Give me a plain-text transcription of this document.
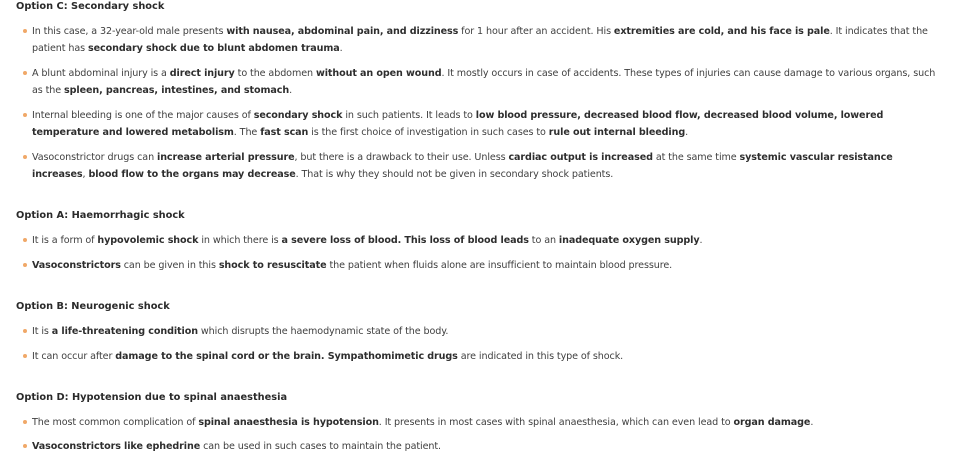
Option C: Secondary shock
In this case, a 32-year-old male presents with nausea, abdominal pain, and dizziness for 1 hour after an accident. His extremities are cold, and his face is pale. It indicates that the patient has secondary shock due to blunt abdomen trauma.
A blunt abdominal injury is a direct injury to the abdomen without an open wound. It mostly occurs in case of accidents. These types of injuries can cause damage to various organs, such as the spleen, pancreas, intestines, and stomach.
Internal bleeding is one of the major causes of secondary shock in such patients. It leads to low blood pressure, decreased blood flow, decreased blood volume, lowered temperature and lowered metabolism. The fast scan is the first choice of investigation in such cases to rule out internal bleeding.
Vasoconstrictor drugs can increase arterial pressure, but there is a drawback to their use. Unless cardiac output is increased at the same time systemic vascular resistance increases, blood flow to the organs may decrease. That is why they should not be given in secondary shock patients.
Option A: Haemorrhagic shock
It is a form of hypovolemic shock in which there is a severe loss of blood. This loss of blood leads to an inadequate oxygen supply.
Vasoconstrictors can be given in this shock to resuscitate the patient when fluids alone are insufficient to maintain blood pressure.
Option B: Neurogenic shock
It is a life-threatening condition which disrupts the haemodynamic state of the body.
It can occur after damage to the spinal cord or the brain. Sympathomimetic drugs are indicated in this type of shock.
Option D: Hypotension due to spinal anaesthesia
The most common complication of spinal anaesthesia is hypotension. It presents in most cases with spinal anaesthesia, which can even lead to organ damage.
Vasoconstrictors like ephedrine can be used in such cases to maintain the patient.
